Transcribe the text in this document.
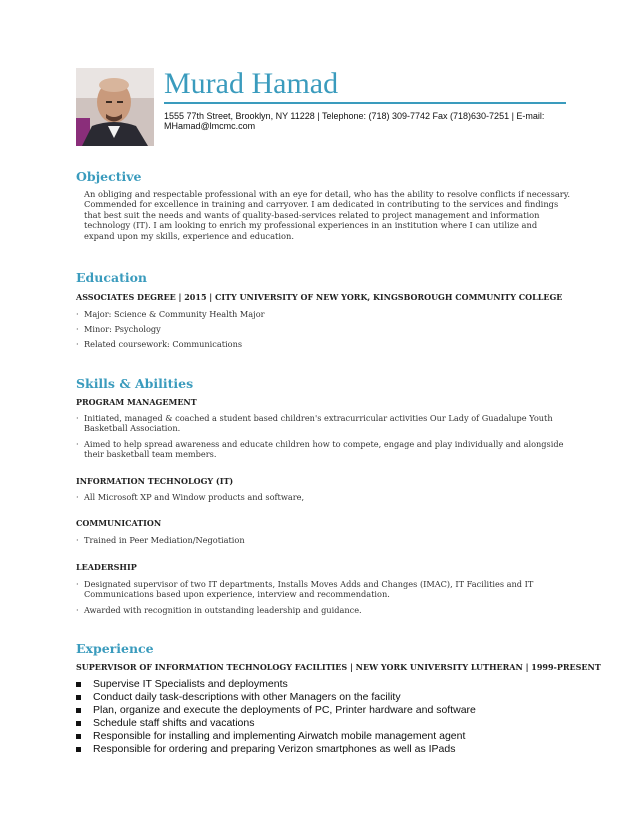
Murad Hamad
1555 77th Street, Brooklyn, NY 11228 | Telephone: (718) 309-7742 Fax (718)630-7251 | E-mail: MHamad@lmcmc.com
Objective
An obliging and respectable professional with an eye for detail, who has the ability to resolve conflicts if necessary. Commended for excellence in training and carryover. I am dedicated in contributing to the services and findings that best suit the needs and wants of quality-based-services related to project management and information technology (IT). I am looking to enrich my professional experiences in an institution where I can utilize and expand upon my skills, experience and education.
Education
ASSOCIATES DEGREE | 2015 | CITY UNIVERSITY OF NEW YORK, KINGSBOROUGH COMMUNITY COLLEGE
· Major: Science & Community Health Major
· Minor: Psychology
· Related coursework: Communications
Skills & Abilities
PROGRAM MANAGEMENT
· Initiated, managed & coached a student based children's extracurricular activities Our Lady of Guadalupe Youth Basketball Association.
· Aimed to help spread awareness and educate children how to compete, engage and play individually and alongside their basketball team members.
INFORMATION TECHNOLOGY (IT)
· All Microsoft XP and Window products and software,
COMMUNICATION
· Trained in Peer Mediation/Negotiation
LEADERSHIP
· Designated supervisor of two IT departments, Installs Moves Adds and Changes (IMAC), IT Facilities and IT Communications based upon experience, interview and recommendation.
· Awarded with recognition in outstanding leadership and guidance.
Experience
SUPERVISOR OF INFORMATION TECHNOLOGY FACILITIES | NEW YORK UNIVERSITY LUTHERAN | 1999-PRESENT
Supervise IT Specialists and deployments
Conduct daily task-descriptions with other Managers on the facility
Plan, organize and execute the deployments of PC, Printer hardware and software
Schedule staff shifts and vacations
Responsible for installing and implementing Airwatch mobile management agent
Responsible for ordering and preparing Verizon smartphones as well as IPads
